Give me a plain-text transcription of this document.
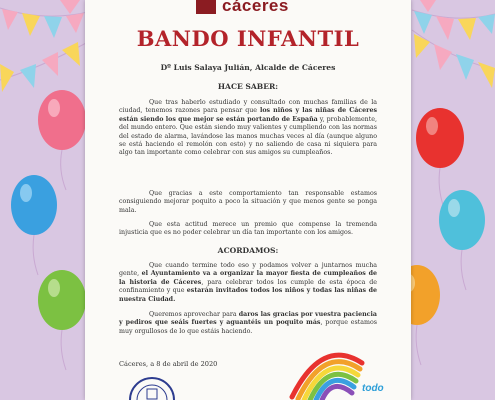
cáceres
BANDO INFANTIL
Dº Luis Salaya Julián, Alcalde de Cáceres
HACE SABER:
Que tras haberlo estudiado y consultado con muchas familias de la ciudad, tenemos razones para pensar que los niños y las niñas de Cáceres están siendo los que mejor se están portando de España y, probablemente, del mundo entero. Que están siendo muy valientes y cumpliendo con las normas del estado de alarma, lavándose las manos muchas veces al día (aunque alguno se está haciendo el remolón con esto) y no saliendo de casa ni siquiera para algo tan importante como celebrar con sus amigos su cumpleaños.
Que gracias a este comportamiento tan responsable estamos consiguiendo mejorar poquito a poco la situación y que menos gente se ponga mala.
Que esta actitud merece un premio que compense la tremenda injusticia que es no poder celebrar un día tan importante con los amigos.
ACORDAMOS:
Que cuando termine todo eso y podamos volver a juntarnos mucha gente, el Ayuntamiento va a organizar la mayor fiesta de cumpleaños de la historia de Cáceres, para celebrar todos los cumple de esta época de confinamiento y que estarán invitados todos los niños y todas las niñas de nuestra Ciudad.
Queremos aprovechar para daros las gracias por vuestra paciencia y pediros que seáis fuertes y aguantéis un poquito más, porque estamos muy orgullosos de lo que estáis haciendo.
Cáceres, a 8 de abril de 2020
todo
